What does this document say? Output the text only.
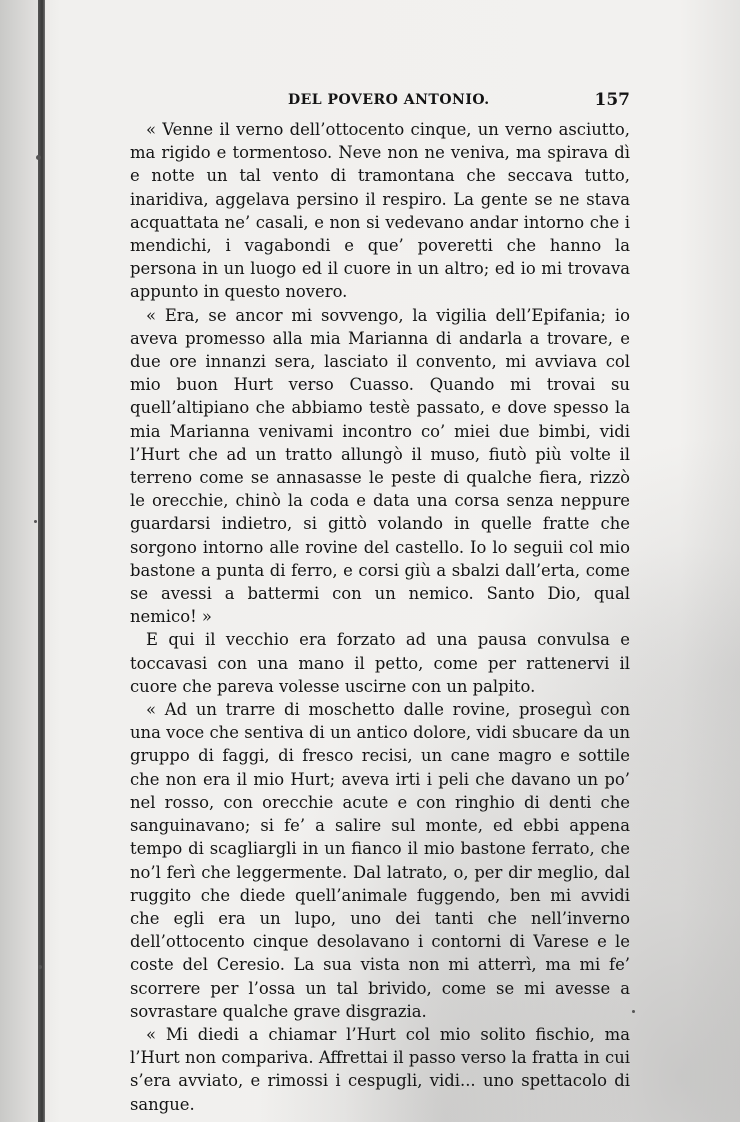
DEL POVERO ANTONIO.	157

« Venne il verno dell’ottocento cinque, un verno asciutto, ma rigido e tormentoso. Neve non ne veniva, ma spirava dì e notte un tal vento di tramontana che seccava tutto, inaridiva, aggelava persino il respiro. La gente se ne stava acquattata ne’ casali, e non si vedevano andar intorno che i mendichi, i vagabondi e que’ poveretti che hanno la persona in un luogo ed il cuore in un altro; ed io mi trovava appunto in questo novero.

« Era, se ancor mi sovvengo, la vigilia dell’Epifania; io aveva promesso alla mia Marianna di andarla a trovare, e due ore innanzi sera, lasciato il convento, mi avviava col mio buon Hurt verso Cuasso. Quando mi trovai su quell’altipiano che abbiamo testè passato, e dove spesso la mia Marianna venivami incontro co’ miei due bimbi, vidi l’Hurt che ad un tratto allungò il muso, fiutò più volte il terreno come se annasasse le peste di qualche fiera, rizzò le orecchie, chinò la coda e data una corsa senza neppure guardarsi indietro, si gittò volando in quelle fratte che sorgono intorno alle rovine del castello. Io lo seguii col mio bastone a punta di ferro, e corsi giù a sbalzi dall’erta, come se avessi a battermi con un nemico. Santo Dio, qual nemico! »

E qui il vecchio era forzato ad una pausa convulsa e toccavasi con una mano il petto, come per rattenervi il cuore che pareva volesse uscirne con un palpito.

« Ad un trarre di moschetto dalle rovine, proseguì con una voce che sentiva di un antico dolore, vidi sbucare da un gruppo di faggi, di fresco recisi, un cane magro e sottile che non era il mio Hurt; aveva irti i peli che davano un po’ nel rosso, con orecchie acute e con ringhio di denti che sanguinavano; si fe’ a salire sul monte, ed ebbi appena tempo di scagliargli in un fianco il mio bastone ferrato, che no’l ferì che leggermente. Dal latrato, o, per dir meglio, dal ruggito che diede quell’animale fuggendo, ben mi avvidi che egli era un lupo, uno dei tanti che nell’inverno dell’ottocento cinque desolavano i contorni di Varese e le coste del Ceresio. La sua vista non mi atterrì, ma mi fe’ scorrere per l’ossa un tal brivido, come se mi avesse a sovrastare qualche grave disgrazia.

« Mi diedi a chiamar l’Hurt col mio solito fischio, ma l’Hurt non compariva. Affrettai il passo verso la fratta in cui s’era avviato, e rimossi i cespugli, vidi... uno spettacolo di sangue.
